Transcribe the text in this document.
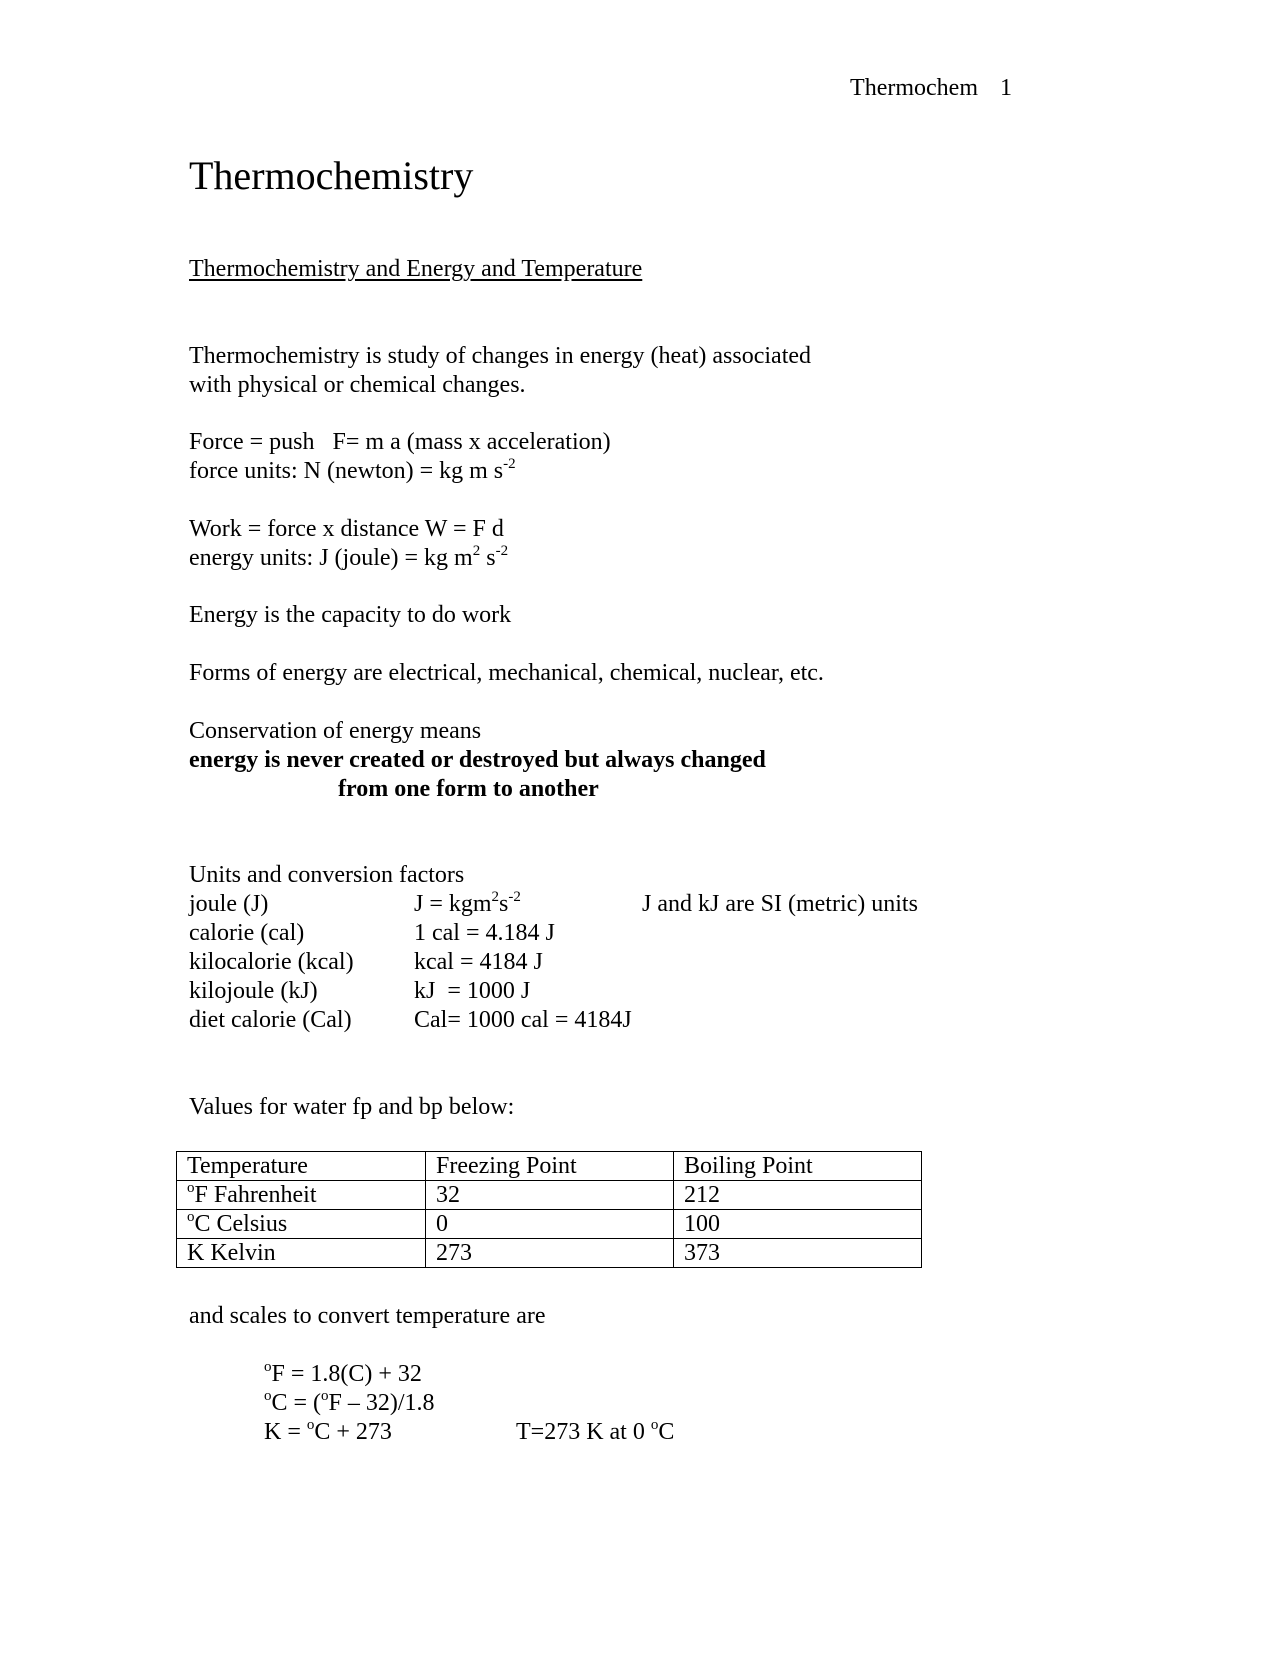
Thermochem 1
Thermochemistry
Thermochemistry and Energy and Temperature
Thermochemistry is study of changes in energy (heat) associated
with physical or chemical changes.
Force = push   F= m a (mass x acceleration)
force units: N (newton) = kg m $s^{-2}$
Work = force x distance W = F d
energy units: J (joule) = kg $m^2$ $s^{-2}$
Energy is the capacity to do work
Forms of energy are electrical, mechanical, chemical, nuclear, etc.
Conservation of energy means
energy is never created or destroyed but always changed
from one form to another
Units and conversion factors
joule (J)	$J = kgm^2s^{-2}$	J and kJ are SI (metric) units
calorie (cal)	1 cal = 4.184 J
kilocalorie (kcal)	kcal = 4184 J
kilojoule (kJ)	kJ  = 1000 J
diet calorie (Cal)	Cal= 1000 cal = 4184J
Values for water fp and bp below:
Temperature	Freezing Point	Boiling Point
$^o$F Fahrenheit	32	212
$^o$C Celsius	0	100
K Kelvin	273	373
and scales to convert temperature are
$^o$F = 1.8(C) + 32
$^o$C = ($^o$F – 32)/1.8
K = $^o$C + 273	T=273 K at 0 $^o$C
